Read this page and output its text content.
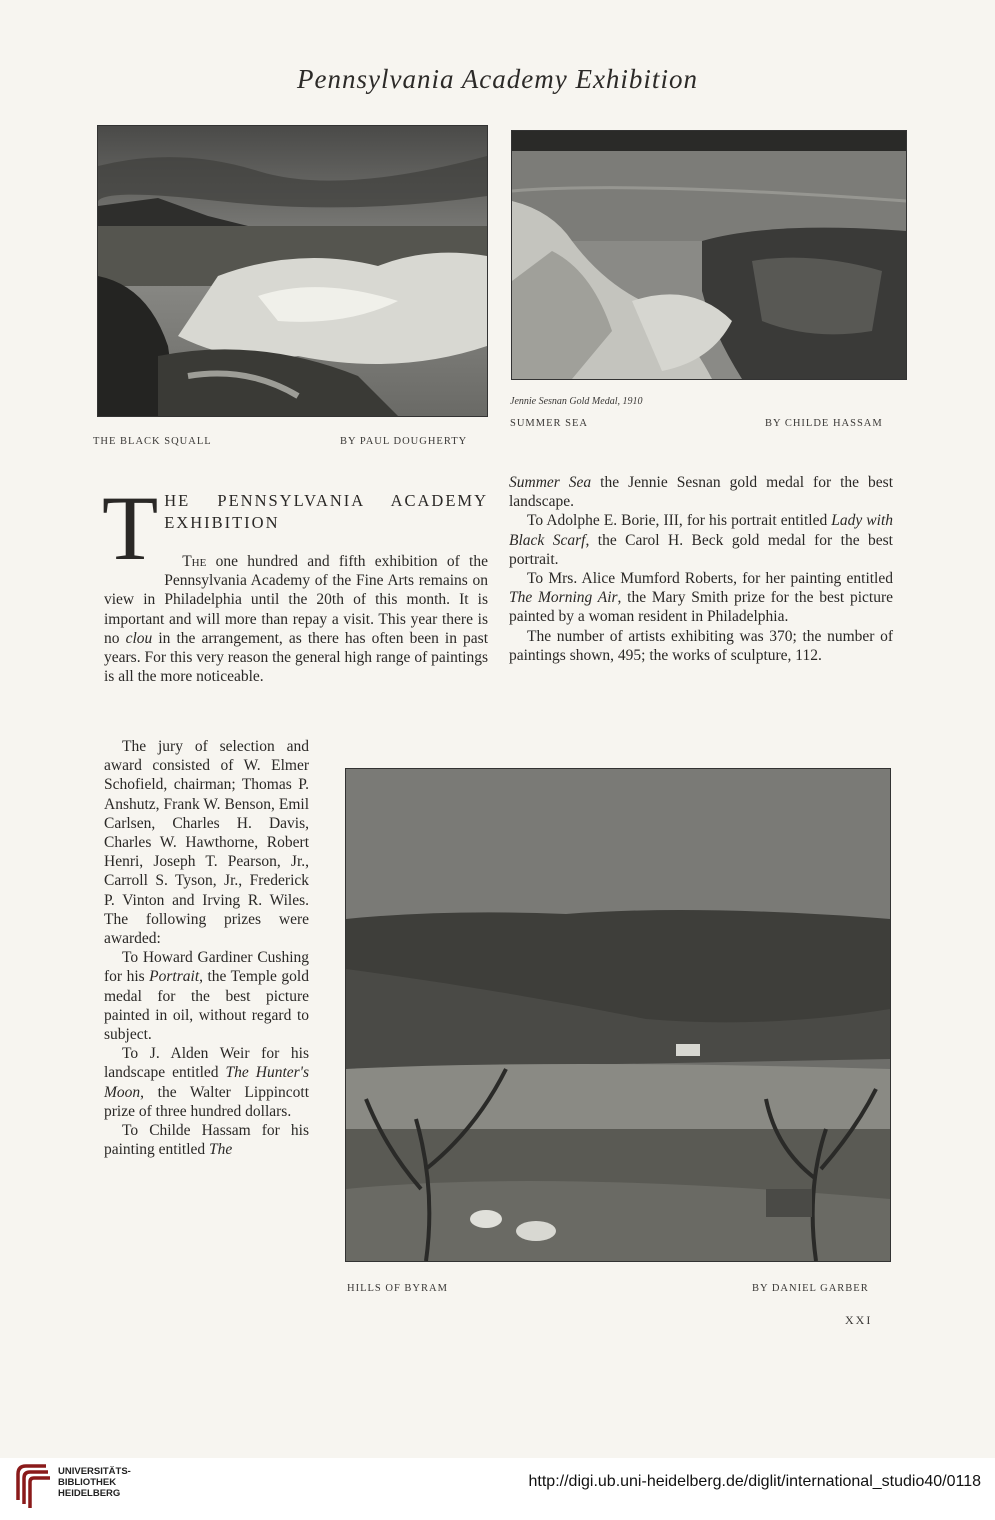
Pennsylvania Academy Exhibition
THE BLACK SQUALL	BY PAUL DOUGHERTY
Jennie Sesnan Gold Medal, 1910
SUMMER SEA	BY CHILDE HASSAM
T HE PENNSYLVANIA ACADEMY EXHIBITION

The one hundred and fifth exhibition of the Pennsylvania Academy of the Fine Arts remains on view in Philadelphia until the 20th of this month. It is important and will more than repay a visit. This year there is no clou in the arrangement, as there has often been in past years. For this very reason the general high range of paintings is all the more noticeable.

The jury of selection and award consisted of W. Elmer Schofield, chairman; Thomas P. Anshutz, Frank W. Benson, Emil Carlsen, Charles H. Davis, Charles W. Hawthorne, Robert Henri, Joseph T. Pearson, Jr., Carroll S. Tyson, Jr., Frederick P. Vinton and Irving R. Wiles. The following prizes were awarded:

To Howard Gardiner Cushing for his Portrait, the Temple gold medal for the best picture painted in oil, without regard to subject.

To J. Alden Weir for his landscape entitled The Hunter's Moon, the Walter Lippincott prize of three hundred dollars.

To Childe Hassam for his painting entitled The

Summer Sea the Jennie Sesnan gold medal for the best landscape.

To Adolphe E. Borie, III, for his portrait entitled Lady with Black Scarf, the Carol H. Beck gold medal for the best portrait.

To Mrs. Alice Mumford Roberts, for her painting entitled The Morning Air, the Mary Smith prize for the best picture painted by a woman resident in Philadelphia.

The number of artists exhibiting was 370; the number of paintings shown, 495; the works of sculpture, 112.

HILLS OF BYRAM	BY DANIEL GARBER
XXI
UNIVERSITÄTS-
BIBLIOTHEK
HEIDELBERG
http://digi.ub.uni-heidelberg.de/diglit/international_studio40/0118
